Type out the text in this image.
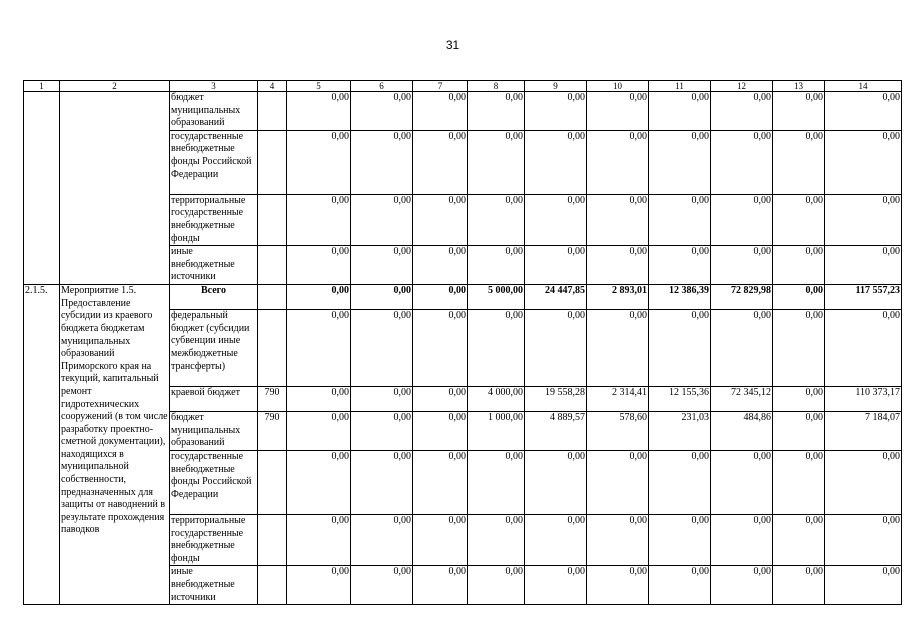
31
1	2	3	4	5	6	7	8	9	10	11	12	13	14
		бюджет муниципальных образований		0,00	0,00	0,00	0,00	0,00	0,00	0,00	0,00	0,00	0,00
		государственные внебюджетные фонды Российской Федерации		0,00	0,00	0,00	0,00	0,00	0,00	0,00	0,00	0,00	0,00
		территориальные государственные внебюджетные фонды		0,00	0,00	0,00	0,00	0,00	0,00	0,00	0,00	0,00	0,00
		иные внебюджетные источники		0,00	0,00	0,00	0,00	0,00	0,00	0,00	0,00	0,00	0,00
2.1.5.	Мероприятие 1.5. Предоставление субсидии из краевого бюджета бюджетам муниципальных образований Приморского края на текущий, капитальный ремонт гидротехнических сооружений (в том числе разработку проектно-сметной документации), находящихся в муниципальной собственности, предназначенных для защиты от наводнений в результате прохождения паводков	Всего		0,00	0,00	0,00	5 000,00	24 447,85	2 893,01	12 386,39	72 829,98	0,00	117 557,23
		федеральный бюджет (субсидии субвенции иные межбюджетные трансферты)		0,00	0,00	0,00	0,00	0,00	0,00	0,00	0,00	0,00	0,00
		краевой бюджет	790	0,00	0,00	0,00	4 000,00	19 558,28	2 314,41	12 155,36	72 345,12	0,00	110 373,17
		бюджет муниципальных образований	790	0,00	0,00	0,00	1 000,00	4 889,57	578,60	231,03	484,86	0,00	7 184,07
		государственные внебюджетные фонды Российской Федерации		0,00	0,00	0,00	0,00	0,00	0,00	0,00	0,00	0,00	0,00
		территориальные государственные внебюджетные фонды		0,00	0,00	0,00	0,00	0,00	0,00	0,00	0,00	0,00	0,00
		иные внебюджетные источники		0,00	0,00	0,00	0,00	0,00	0,00	0,00	0,00	0,00	0,00
